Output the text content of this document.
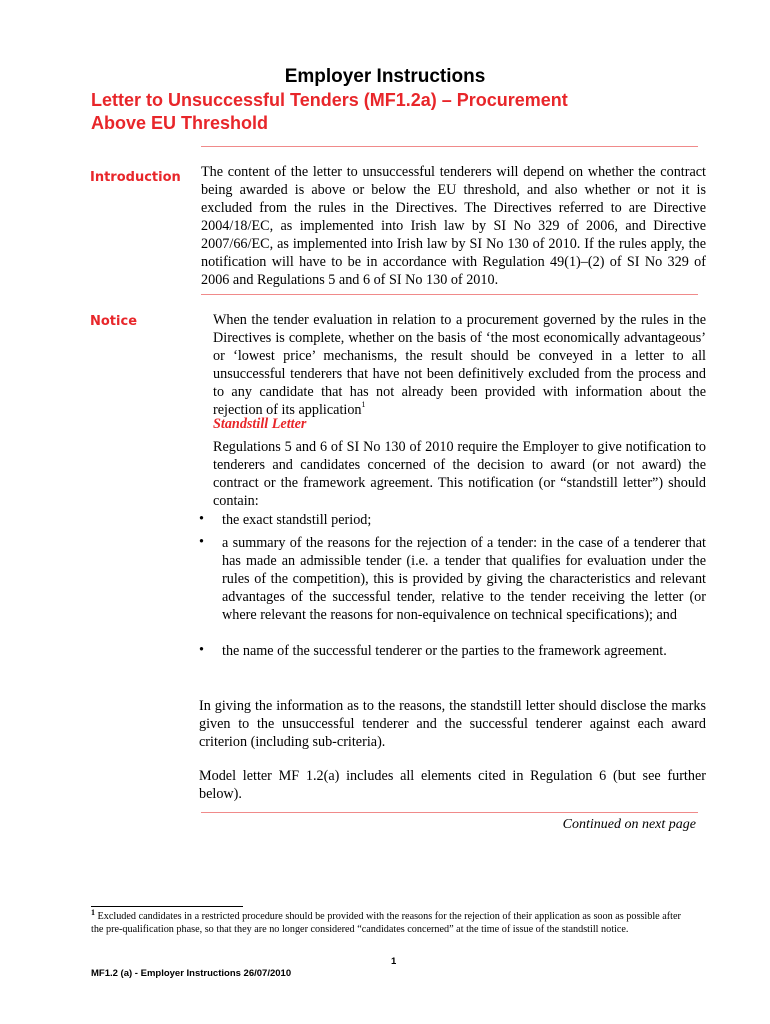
Employer Instructions
Letter to Unsuccessful Tenders (MF1.2a) – Procurement
Above EU Threshold
Introduction The content of the letter to unsuccessful tenderers will depend on whether the contract being awarded is above or below the EU threshold, and also whether or not it is excluded from the rules in the Directives. The Directives referred to are Directive 2004/18/EC, as implemented into Irish law by SI No 329 of 2006, and Directive 2007/66/EC, as implemented into Irish law by SI No 130 of 2010. If the rules apply, the notification will have to be in accordance with Regulation 49(1)–(2) of SI No 329 of 2006 and Regulations 5 and 6 of SI No 130 of 2010.
Notice	When the tender evaluation in relation to a procurement governed by the rules in the Directives is complete, whether on the basis of ‘the most economically advantageous’ or ‘lowest price’ mechanisms, the result should be conveyed in a letter to all unsuccessful tenderers that have not been definitively excluded from the process and to any candidate that has not already been provided with information about the rejection of its application$^1$
Standstill Letter
Regulations 5 and 6 of SI No 130 of 2010 require the Employer to give notification to tenderers and candidates concerned of the decision to award (or not award) the contract or the framework agreement. This notification (or “standstill letter”) should contain:
• the exact standstill period;
• a summary of the reasons for the rejection of a tender: in the case of a tenderer that has made an admissible tender (i.e. a tender that qualifies for evaluation under the rules of the competition), this is provided by giving the characteristics and relevant advantages of the successful tender, relative to the tender receiving the letter (or where relevant the reasons for non-equivalence on technical specifications); and
• the name of the successful tenderer or the parties to the framework agreement.
In giving the information as to the reasons, the standstill letter should disclose the marks given to the unsuccessful tenderer and the successful tenderer against each award criterion (including sub-criteria).
Model letter MF 1.2(a) includes all elements cited in Regulation 6 (but see further below).
Continued on next page
$^1$ Excluded candidates in a restricted procedure should be provided with the reasons for the rejection of their application as soon as possible after the pre-qualification phase, so that they are no longer considered “candidates concerned” at the time of issue of the standstill notice.
1
MF1.2 (a) - Employer Instructions 26/07/2010
